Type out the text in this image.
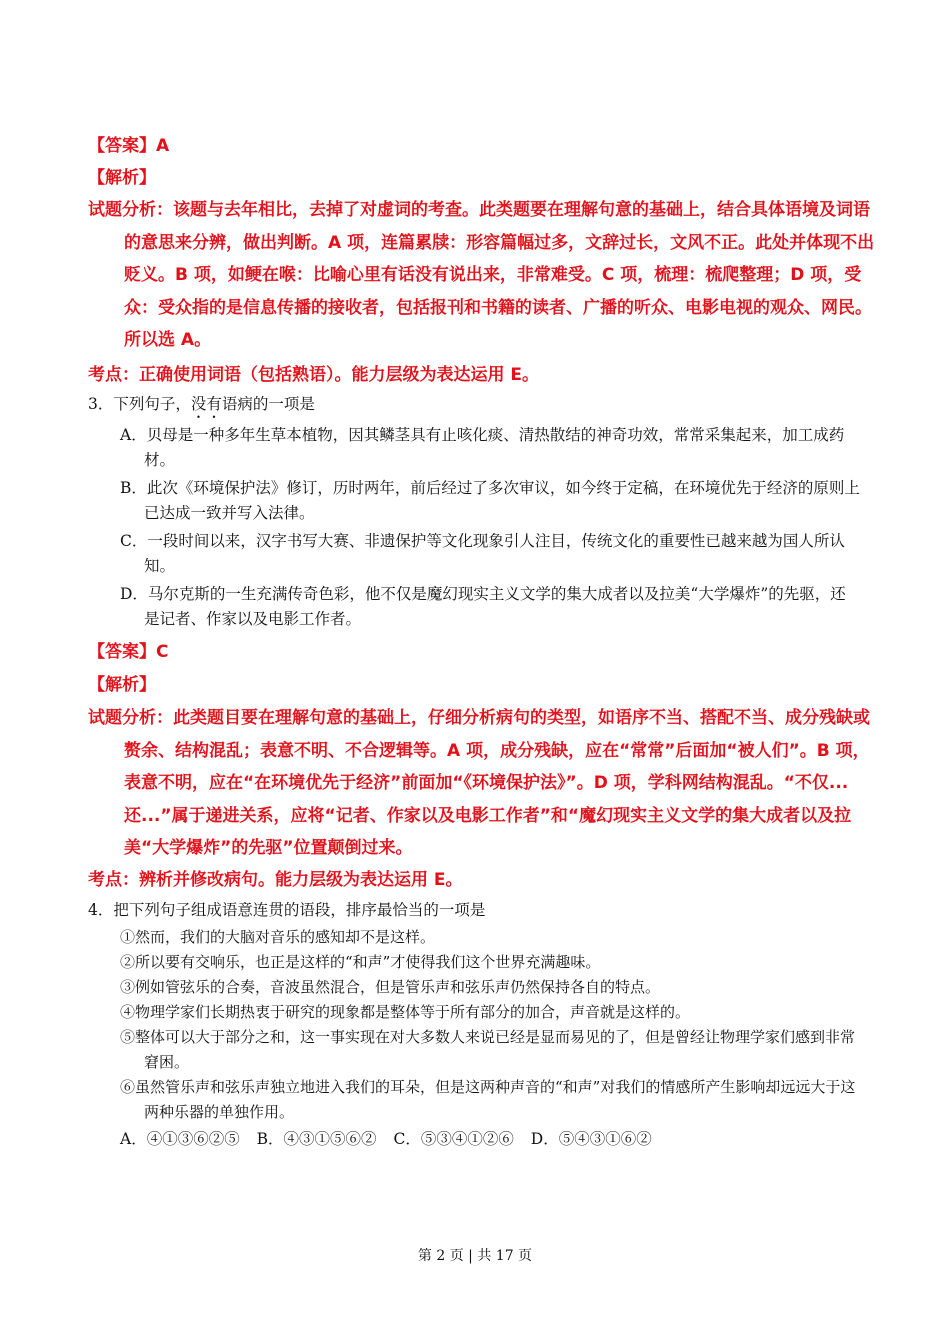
【答案】A
【解析】

试题分析：该题与去年相比，去掉了对虚词的考查。此类题要在理解句意的基础上，结合具体语境及词语的意思来分辨，做出判断。A 项，连篇累牍：形容篇幅过多，文辞过长，文风不正。此处并体现不出贬义。B 项，如鲠在喉：比喻心里有话没有说出来，非常难受。C 项，梳理：梳爬整理；D 项，受众：受众指的是信息传播的接收者，包括报刊和书籍的读者、广播的听众、电影电视的观众、网民。所以选 A。

考点：正确使用词语（包括熟语）。能力层级为表达运用 E。
3．下列句子，没有语病的一项是

A．贝母是一种多年生草本植物，因其鳞茎具有止咳化痰、清热散结的神奇功效，常常采集起来，加工成药材。

B．此次《环境保护法》修订，历时两年，前后经过了多次审议，如今终于定稿，在环境优先于经济的原则上已达成一致并写入法律。

C．一段时间以来，汉字书写大赛、非遗保护等文化现象引人注目，传统文化的重要性已越来越为国人所认知。

D．马尔克斯的一生充满传奇色彩，他不仅是魔幻现实主义文学的集大成者以及拉美“大学爆炸”的先驱，还是记者、作家以及电影工作者。

【答案】C
【解析】

试题分析：此类题目要在理解句意的基础上，仔细分析病句的类型，如语序不当、搭配不当、成分残缺或赘余、结构混乱；表意不明、不合逻辑等。A 项，成分残缺，应在“常常”后面加“被人们”。B 项，表意不明，应在“在环境优先于经济”前面加“《环境保护法》”。D 项，学科网结构混乱。“不仅...还...”属于递进关系，应将“记者、作家以及电影工作者”和“魔幻现实主义文学的集大成者以及拉美“大学爆炸”的先驱”位置颠倒过来。

考点：辨析并修改病句。能力层级为表达运用 E。
4．把下列句子组成语意连贯的语段，排序最恰当的一项是

①然而，我们的大脑对音乐的感知却不是这样。

②所以要有交响乐，也正是这样的“和声”才使得我们这个世界充满趣味。

③例如管弦乐的合奏，音波虽然混合，但是管乐声和弦乐声仍然保持各自的特点。

④物理学家们长期热衷于研究的现象都是整体等于所有部分的加合，声音就是这样的。

⑤整体可以大于部分之和，这一事实现在对大多数人来说已经是显而易见的了，但是曾经让物理学家们感到非常窘困。

⑥虽然管乐声和弦乐声独立地进入我们的耳朵，但是这两种声音的“和声”对我们的情感所产生影响却远远大于这两种乐器的单独作用。

A．④①③⑥②⑤ B．④③①⑤⑥② C．⑤③④①②⑥ D．⑤④③①⑥②
第 2 页 | 共 17 页
